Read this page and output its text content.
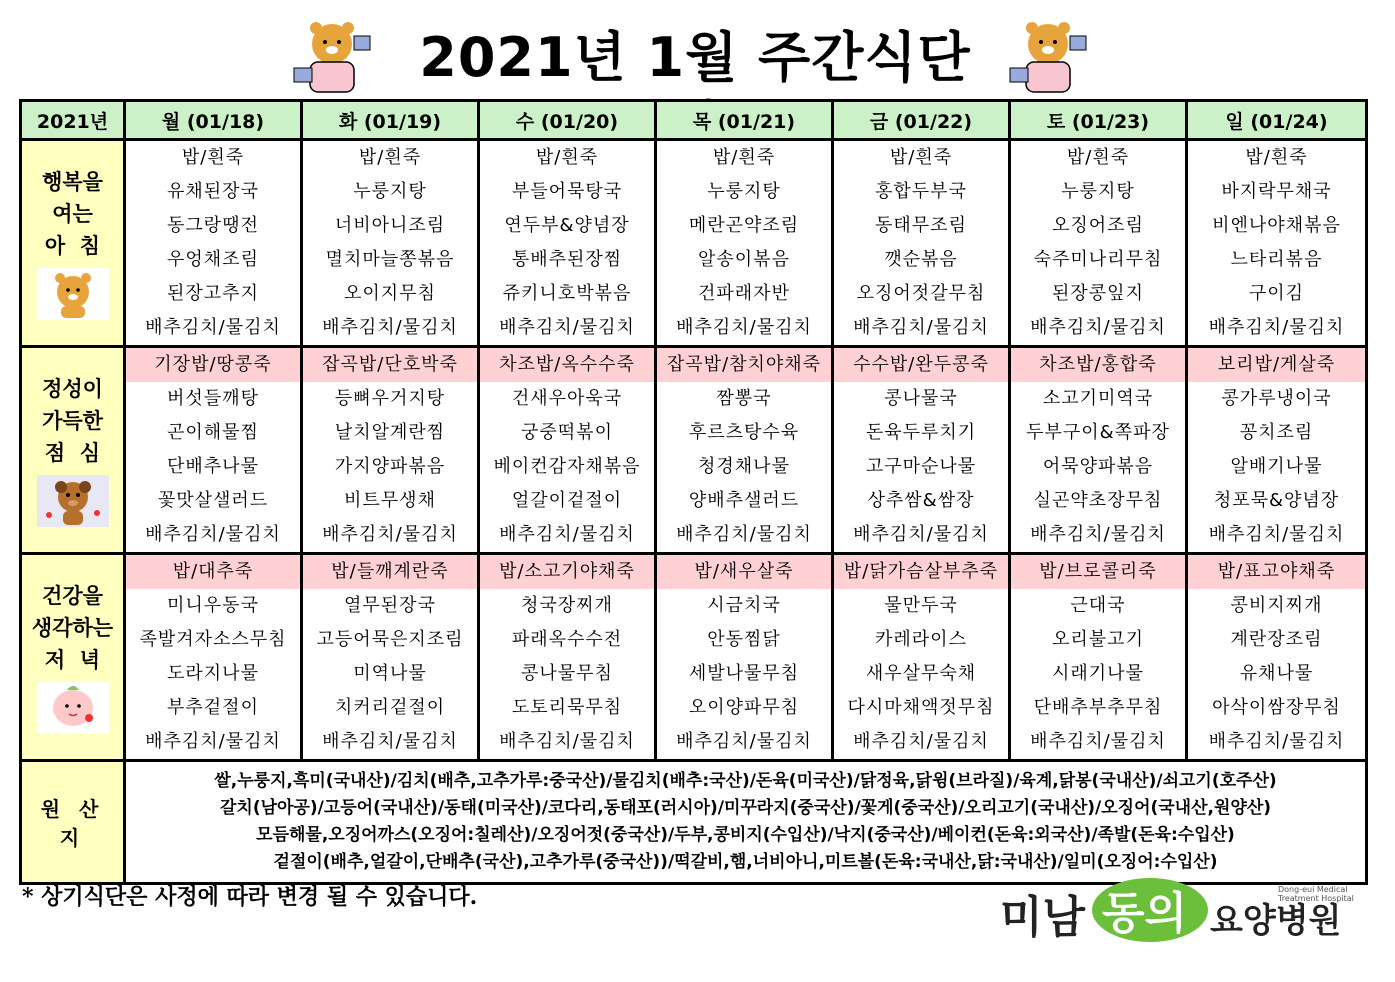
2021년 1월 주간식단
2021년	월 (01/18)	화 (01/19)	수 (01/20)	목 (01/21)	금 (01/22)	토 (01/23)	일 (01/24)

행복을
여는
아  침	밥/흰죽	밥/흰죽	밥/흰죽	밥/흰죽	밥/흰죽	밥/흰죽	밥/흰죽
	유채된장국	누룽지탕	부들어묵탕국	누룽지탕	홍합두부국	누룽지탕	바지락무채국
	동그랑땡전	너비아니조림	연두부&양념장	메란곤약조림	동태무조림	오징어조림	비엔나야채볶음
	우엉채조림	멸치마늘쫑볶음	통배추된장찜	알송이볶음	깻순볶음	숙주미나리무침	느타리볶음
	된장고추지	오이지무침	쥬키니호박볶음	건파래자반	오징어젓갈무침	된장콩잎지	구이김
	배추김치/물김치	배추김치/물김치	배추김치/물김치	배추김치/물김치	배추김치/물김치	배추김치/물김치	배추김치/물김치

정성이
가득한
점  심	기장밥/땅콩죽	잡곡밥/단호박죽	차조밥/옥수수죽	잡곡밥/참치야채죽	수수밥/완두콩죽	차조밥/홍합죽	보리밥/게살죽
	버섯들깨탕	등뼈우거지탕	건새우아욱국	짬뽕국	콩나물국	소고기미역국	콩가루냉이국
	곤이해물찜	날치알계란찜	궁중떡볶이	후르츠탕수육	돈육두루치기	두부구이&쪽파장	꽁치조림
	단배추나물	가지양파볶음	베이컨감자채볶음	청경채나물	고구마순나물	어묵양파볶음	알배기나물
	꽃맛살샐러드	비트무생채	얼갈이겉절이	양배추샐러드	상추쌈&쌈장	실곤약초장무침	청포묵&양념장
	배추김치/물김치	배추김치/물김치	배추김치/물김치	배추김치/물김치	배추김치/물김치	배추김치/물김치	배추김치/물김치

건강을
생각하는
저  녁	밥/대추죽	밥/들깨계란죽	밥/소고기야채죽	밥/새우살죽	밥/닭가슴살부추죽	밥/브로콜리죽	밥/표고야채죽
	미니우동국	열무된장국	청국장찌개	시금치국	물만두국	근대국	콩비지찌개
	족발겨자소스무침	고등어묵은지조림	파래옥수수전	안동찜닭	카레라이스	오리불고기	계란장조림
	도라지나물	미역나물	콩나물무침	세발나물무침	새우살무숙채	시래기나물	유채나물
	부추겉절이	치커리겉절이	도토리묵무침	오이양파무침	다시마채액젓무침	단배추부추무침	아삭이쌈장무침
	배추김치/물김치	배추김치/물김치	배추김치/물김치	배추김치/물김치	배추김치/물김치	배추김치/물김치	배추김치/물김치
원 산 지	쌀,누룽지,흑미(국내산)/김치(배추,고추가루:중국산)/물김치(배추:국산)/돈육(미국산)/닭정육,닭윙(브라질)/육계,닭봉(국내산)/쇠고기(호주산)
갈치(남아공)/고등어(국내산)/동태(미국산)/코다리,동태포(러시아)/미꾸라지(중국산)/꽃게(중국산)/오리고기(국내산)/오징어(국내산,원양산)
모듬해물,오징어까스(오징어:칠레산)/오징어젓(중국산)/두부,콩비지(수입산)/낙지(중국산)/베이컨(돈육:외국산)/족발(돈육:수입산)
겉절이(배추,얼갈이,단배추(국산),고추가루(중국산))/떡갈비,햄,너비아니,미트볼(돈육:국내산,닭:국내산)/일미(오징어:수입산)						
* 상기식단은 사정에 따라 변경 될 수 있습니다.	미남 동의 요양병원
Dong-eui Medical
Treatment Hospital
